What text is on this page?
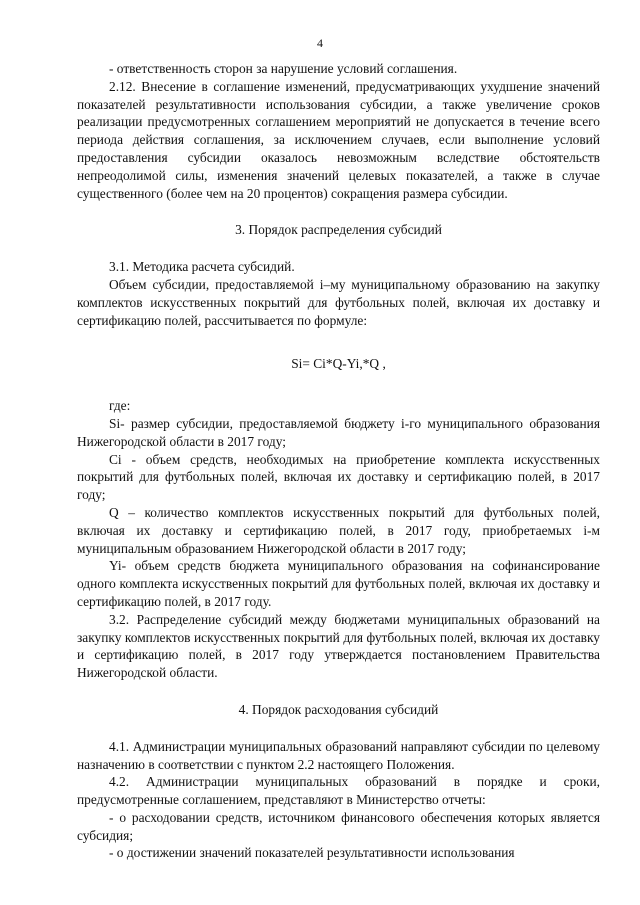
4

- ответственность сторон за нарушение условий соглашения.

2.12. Внесение в соглашение изменений, предусматривающих ухудшение значений показателей результативности использования субсидии, а также увеличение сроков реализации предусмотренных соглашением мероприятий не допускается в течение всего периода действия соглашения, за исключением случаев, если выполнение условий предоставления субсидии оказалось невозможным вследствие обстоятельств непреодолимой силы, изменения значений целевых показателей, а также в случае существенного (более чем на 20 процентов) сокращения размера субсидии.

3. Порядок распределения субсидий

3.1. Методика расчета субсидий.

Объем субсидии, предоставляемой i–му муниципальному образованию на закупку комплектов искусственных покрытий для футбольных полей, включая их доставку и сертификацию полей, рассчитывается по формуле:

Si= Ci*Q-Yi,*Q ,

где:

Si- размер субсидии, предоставляемой бюджету i-го муниципального образования Нижегородской области в 2017 году;

Ci - объем средств, необходимых на приобретение комплекта искусственных покрытий для футбольных полей, включая их доставку и сертификацию полей, в 2017 году;

Q – количество комплектов искусственных покрытий для футбольных полей, включая их доставку и сертификацию полей, в 2017 году, приобретаемых i-м муниципальным образованием Нижегородской области в 2017 году;

Yi- объем средств бюджета муниципального образования на софинансирование одного комплекта искусственных покрытий для футбольных полей, включая их доставку и сертификацию полей, в 2017 году.

3.2. Распределение субсидий между бюджетами муниципальных образований на закупку комплектов искусственных покрытий для футбольных полей, включая их доставку и сертификацию полей, в 2017 году утверждается постановлением Правительства Нижегородской области.

4. Порядок расходования субсидий

4.1. Администрации муниципальных образований направляют субсидии по целевому назначению в соответствии с пунктом 2.2 настоящего Положения.

4.2. Администрации муниципальных образований в порядке и сроки, предусмотренные соглашением, представляют в Министерство отчеты:

- о расходовании средств, источником финансового обеспечения которых является субсидия;

- о достижении значений показателей результативности использования
